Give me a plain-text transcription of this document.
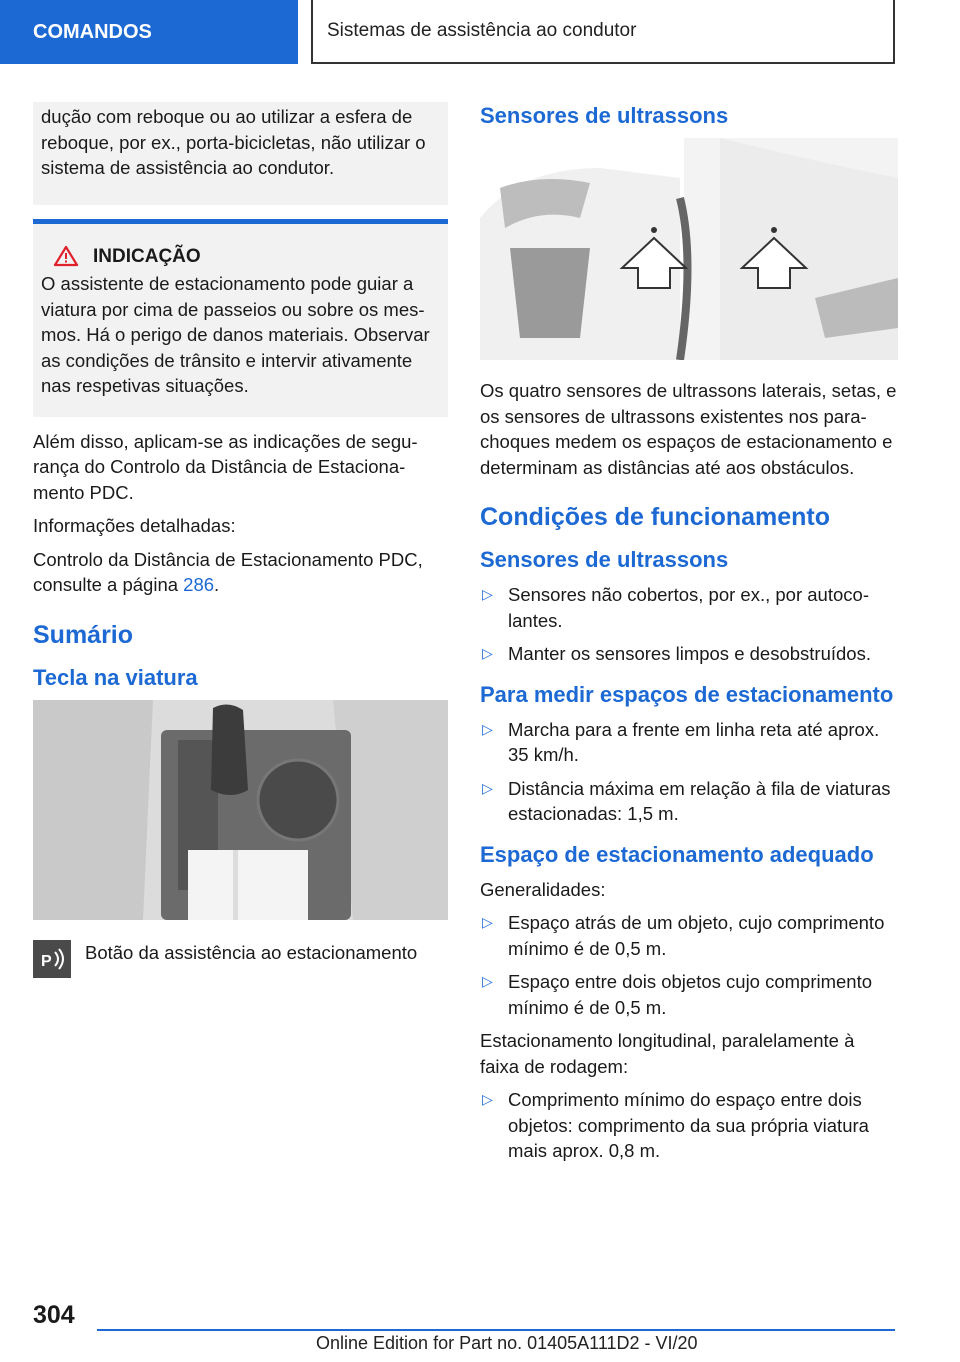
COMANDOS	Sistemas de assistência ao condutor

dução com reboque ou ao utilizar a esfera de reboque, por ex., porta-bicicletas, não utilizar o sistema de assistência ao condutor.

INDICAÇÃO

O assistente de estacionamento pode guiar a viatura por cima de passeios ou sobre os mesmos. Há o perigo de danos materiais. Observar as condições de trânsito e intervir ativamente nas respetivas situações.

Além disso, aplicam-se as indicações de segurança do Controlo da Distância de Estacionamento PDC.

Informações detalhadas:

Controlo da Distância de Estacionamento PDC, consulte a página 286.

Sumário
Tecla na viatura
P Botão da assistência ao estacionamento
Sensores de ultrassons

Os quatro sensores de ultrassons laterais, setas, e os sensores de ultrassons existentes nos para-choques medem os espaços de estacionamento e determinam as distâncias até aos obstáculos.

Condições de funcionamento
Sensores de ultrassons
▷ Sensores não cobertos, por ex., por autocolantes.
▷ Manter os sensores limpos e desobstruídos.
Para medir espaços de estacionamento
▷ Marcha para a frente em linha reta até aprox. 35 km/h.
▷ Distância máxima em relação à fila de viaturas estacionadas: 1,5 m.
Espaço de estacionamento adequado

Generalidades:

▷ Espaço atrás de um objeto, cujo comprimento mínimo é de 0,5 m.
▷ Espaço entre dois objetos cujo comprimento mínimo é de 0,5 m.

Estacionamento longitudinal, paralelamente à faixa de rodagem:

▷ Comprimento mínimo do espaço entre dois objetos: comprimento da sua própria viatura mais aprox. 0,8 m.
304
Online Edition for Part no. 01405A111D2 - VI/20
